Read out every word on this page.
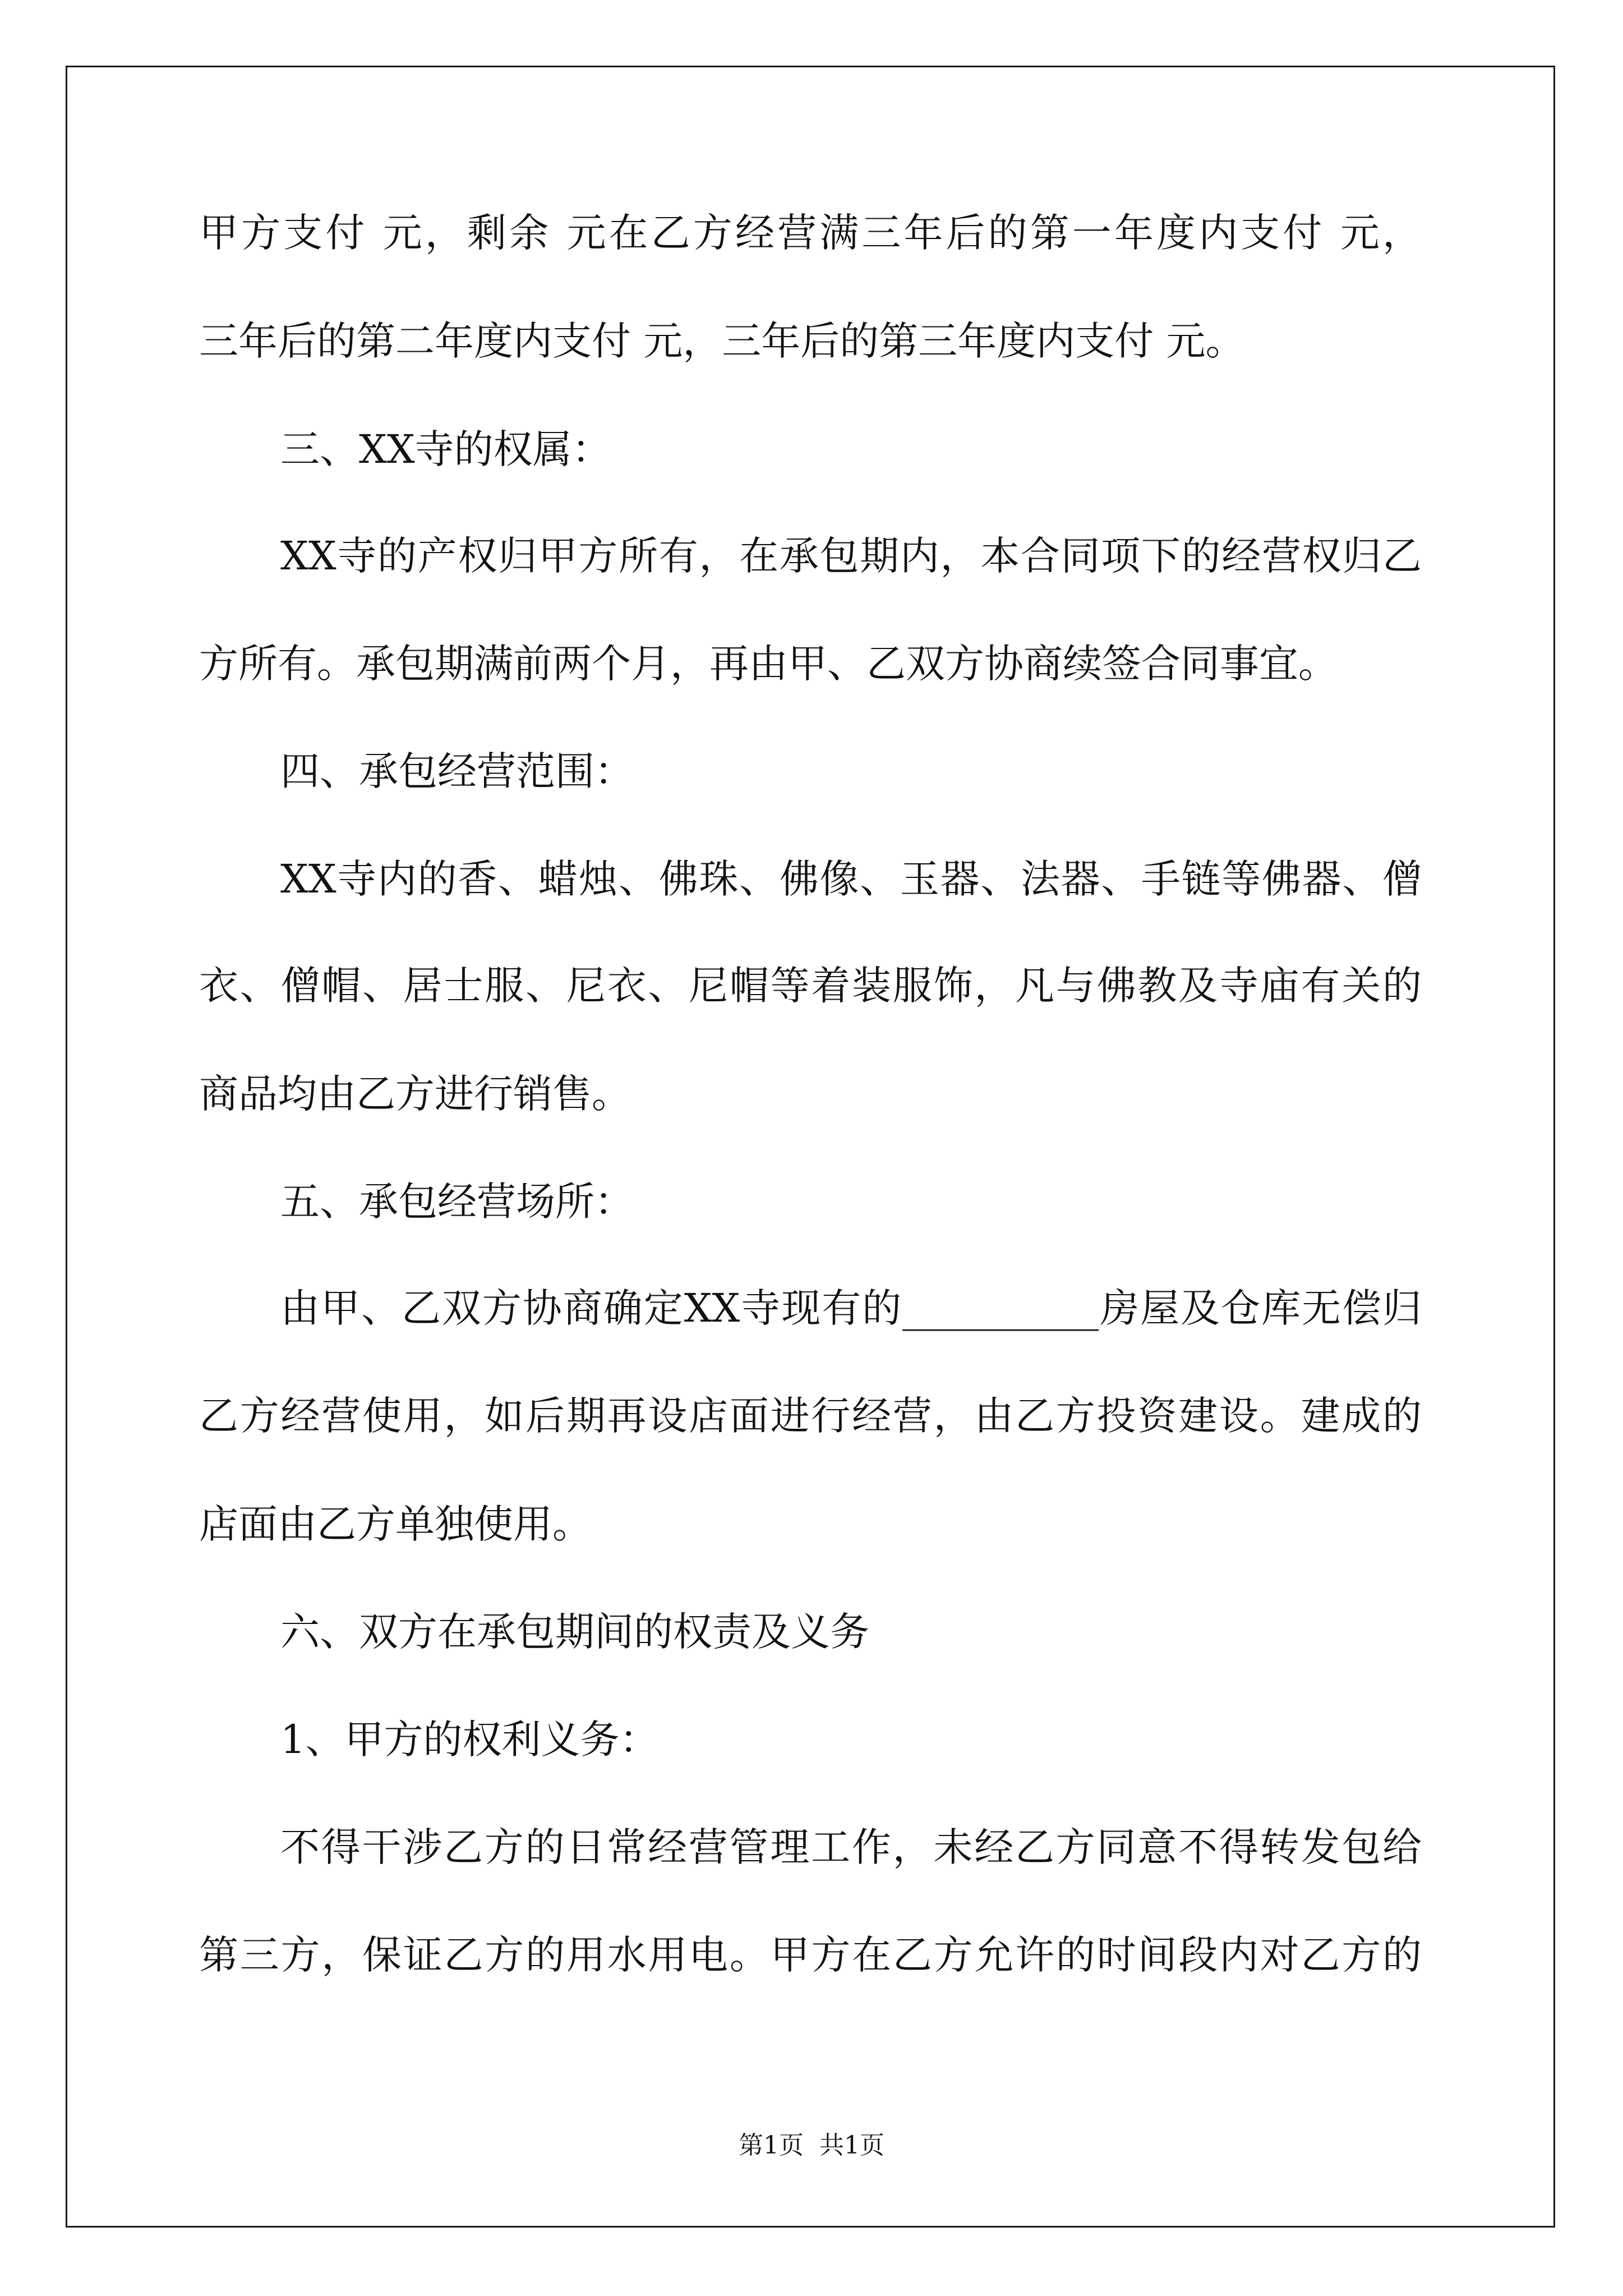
甲方支付 元，剩余 元在乙方经营满三年后的第一年度内支付 元，
三年后的第二年度内支付 元，三年后的第三年度内支付 元。
三、XX寺的权属：
XX寺的产权归甲方所有，在承包期内，本合同项下的经营权归乙
方所有。承包期满前两个月，再由甲、乙双方协商续签合同事宜。
四、承包经营范围：
XX寺内的香、蜡烛、佛珠、佛像、玉器、法器、手链等佛器、僧
衣、僧帽、居士服、尼衣、尼帽等着装服饰，凡与佛教及寺庙有关的
商品均由乙方进行销售。
五、承包经营场所：
由甲、乙双方协商确定XX寺现有的__________房屋及仓库无偿归
乙方经营使用，如后期再设店面进行经营，由乙方投资建设。建成的
店面由乙方单独使用。
六、双方在承包期间的权责及义务
1、甲方的权利义务：
不得干涉乙方的日常经营管理工作，未经乙方同意不得转发包给
第三方，保证乙方的用水用电。甲方在乙方允许的时间段内对乙方的
第1页  共1页
